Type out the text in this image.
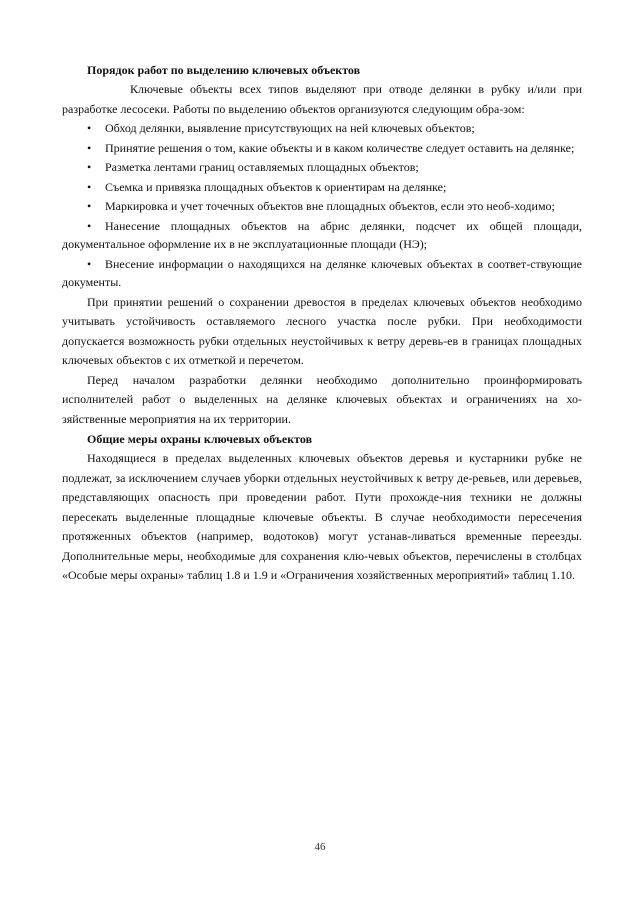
Порядок работ по выделению ключевых объектов

Ключевые объекты всех типов выделяют при отводе делянки в рубку и/или при разработке лесосеки. Работы по выделению объектов организуются следующим обра-зом:

•Обход делянки, выявление присутствующих на ней ключевых объектов;
•Принятие решения о том, какие объекты и в каком количестве следует оставить на делянке;
•Разметка лентами границ оставляемых площадных объектов;
•Съемка и привязка площадных объектов к ориентирам на делянке;
•Маркировка и учет точечных объектов вне площадных объектов, если это необ-ходимо;
•Нанесение площадных объектов на абрис делянки, подсчет их общей площади, документальное оформление их в не эксплуатационные площади (НЭ);
•Внесение информации о находящихся на делянке ключевых объектах в соответ-ствующие документы.

При принятии решений о сохранении древостоя в пределах ключевых объектов необходимо учитывать устойчивость оставляемого лесного участка после рубки. При необходимости допускается возможность рубки отдельных неустойчивых к ветру деревь-ев в границах площадных ключевых объектов с их отметкой и перечетом.

Перед началом разработки делянки необходимо дополнительно проинформировать исполнителей работ о выделенных на делянке ключевых объектах и ограничениях на хо-зяйственные мероприятия на их территории.

Общие меры охраны ключевых объектов

Находящиеся в пределах выделенных ключевых объектов деревья и кустарники рубке не подлежат, за исключением случаев уборки отдельных неустойчивых к ветру де-ревьев, или деревьев, представляющих опасность при проведении работ. Пути прохожде-ния техники не должны пересекать выделенные площадные ключевые объекты. В случае необходимости пересечения протяженных объектов (например, водотоков) могут устанав-ливаться временные переезды. Дополнительные меры, необходимые для сохранения клю-чевых объектов, перечислены в столбцах «Особые меры охраны» таблиц 1.8 и 1.9 и «Ограничения хозяйственных мероприятий» таблиц 1.10.

46
